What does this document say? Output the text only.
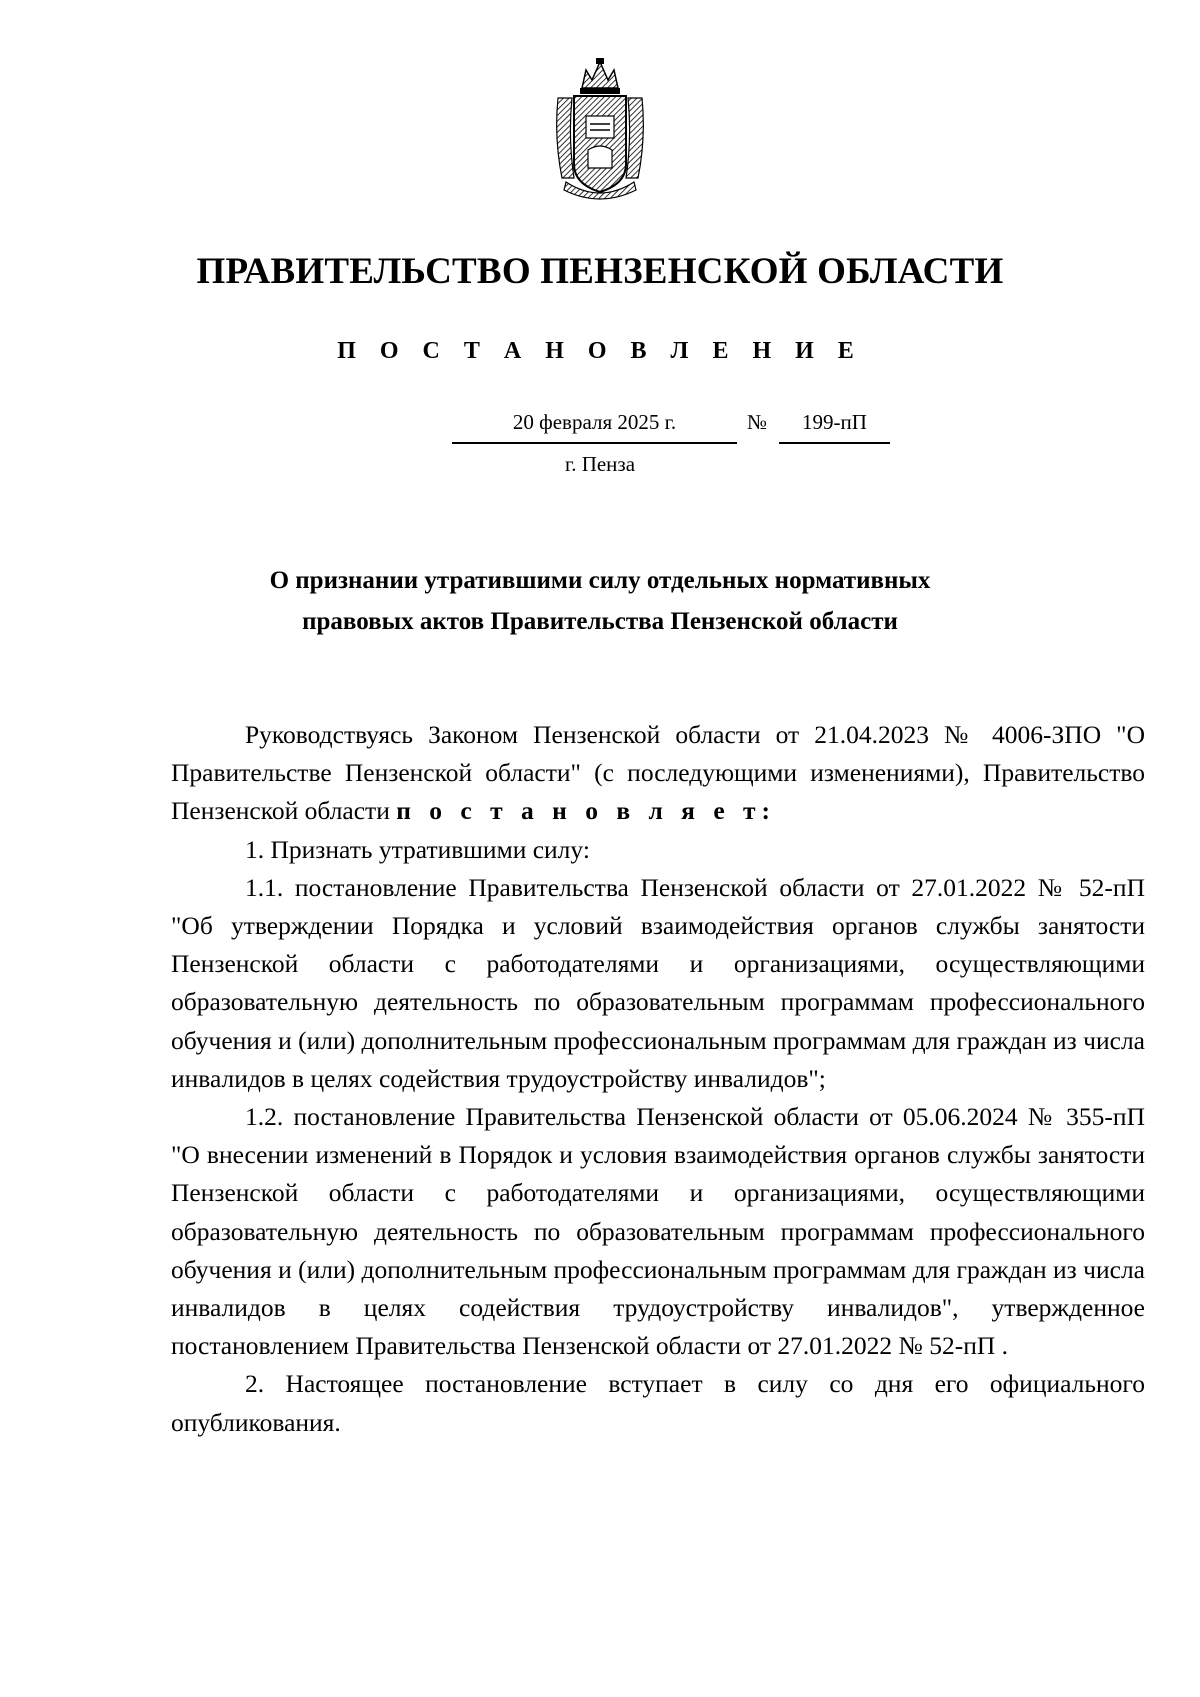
ПРАВИТЕЛЬСТВО ПЕНЗЕНСКОЙ ОБЛАСТИ
П О С Т А Н О В Л Е Н И Е
20 февраля 2025 г.	№	199-пП
г. Пенза
О признании утратившими силу отдельных нормативных
правовых актов Правительства Пензенской области

Руководствуясь Законом Пензенской области от 21.04.2023 № 4006-ЗПО "О Правительстве Пензенской области" (с последующими изменениями), Правительство Пензенской области п о с т а н о в л я е т:

1. Признать утратившими силу:

1.1. постановление Правительства Пензенской области от 27.01.2022 № 52-пП "Об утверждении Порядка и условий взаимодействия органов службы занятости Пензенской области с работодателями и организациями, осуществляющими образовательную деятельность по образовательным программам профессионального обучения и (или) дополнительным профессиональным программам для граждан из числа инвалидов в целях содействия трудоустройству инвалидов";

1.2. постановление Правительства Пензенской области от 05.06.2024 № 355-пП "О внесении изменений в Порядок и условия взаимодействия органов службы занятости Пензенской области с работодателями и организациями, осуществляющими образовательную деятельность по образовательным программам профессионального обучения и (или) дополнительным профессиональным программам для граждан из числа инвалидов в целях содействия трудоустройству инвалидов", утвержденное постановлением Правительства Пензенской области от 27.01.2022 № 52-пП .

2. Настоящее постановление вступает в силу со дня его официального опубликования.
